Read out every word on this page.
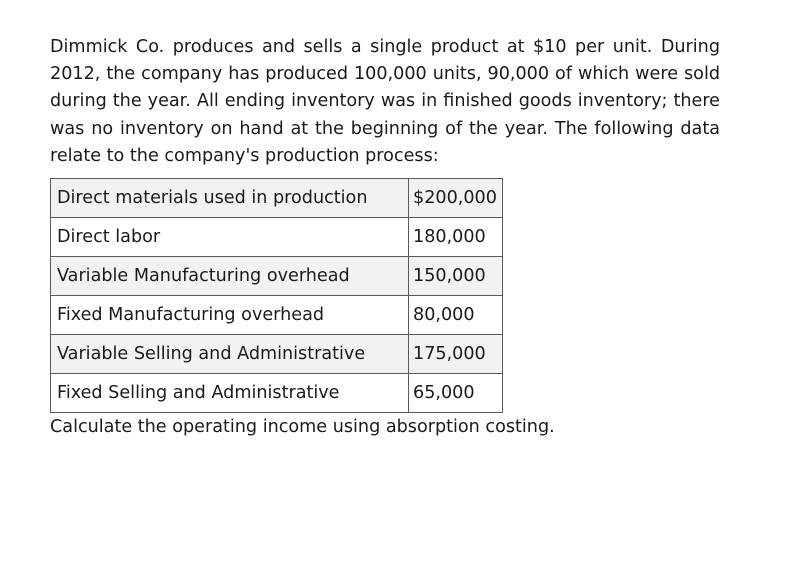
Dimmick Co. produces and sells a single product at $10 per unit. During 2012, the company has produced 100,000 units, 90,000 of which were sold during the year. All ending inventory was in finished goods inventory; there was no inventory on hand at the beginning of the year. The following data relate to the company's production process:

Direct materials used in production	$200,000
Direct labor	180,000
Variable Manufacturing overhead	150,000
Fixed Manufacturing overhead	80,000
Variable Selling and Administrative	175,000
Fixed Selling and Administrative	65,000

Calculate the operating income using absorption costing.
